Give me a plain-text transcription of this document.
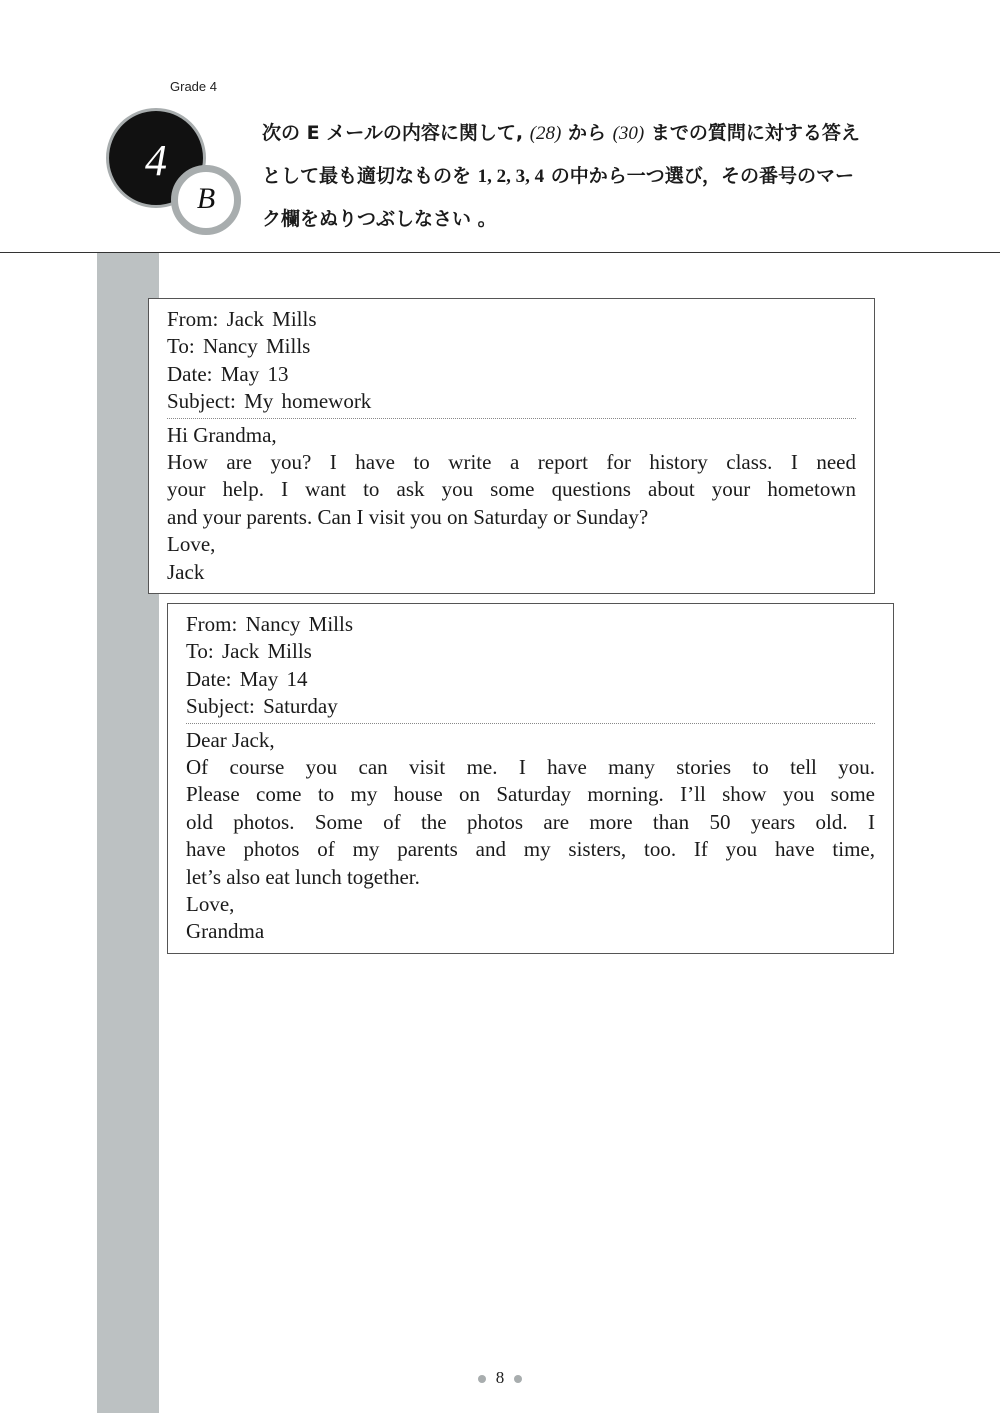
Grade 4
4
B
次の E メールの内容に関して, (28) から (30) までの質問に対する答え
として最も適切なものを 1, 2, 3, 4 の中から一つ選び，その番号のマー
ク欄をぬりつぶしなさい 。
From: Jack Mills
To: Nancy Mills
Date: May 13
Subject: My homework
Hi Grandma,
How are you? I have to write a report for history class. I need
your help. I want to ask you some questions about your hometown
and your parents. Can I visit you on Saturday or Sunday?
Love,
Jack
From: Nancy Mills
To: Jack Mills
Date: May 14
Subject: Saturday
Dear Jack,
Of course you can visit me. I have many stories to tell you.
Please come to my house on Saturday morning. I’ll show you some
old photos. Some of the photos are more than 50 years old. I
have photos of my parents and my sisters, too. If you have time,
let’s also eat lunch together.
Love,
Grandma
8
